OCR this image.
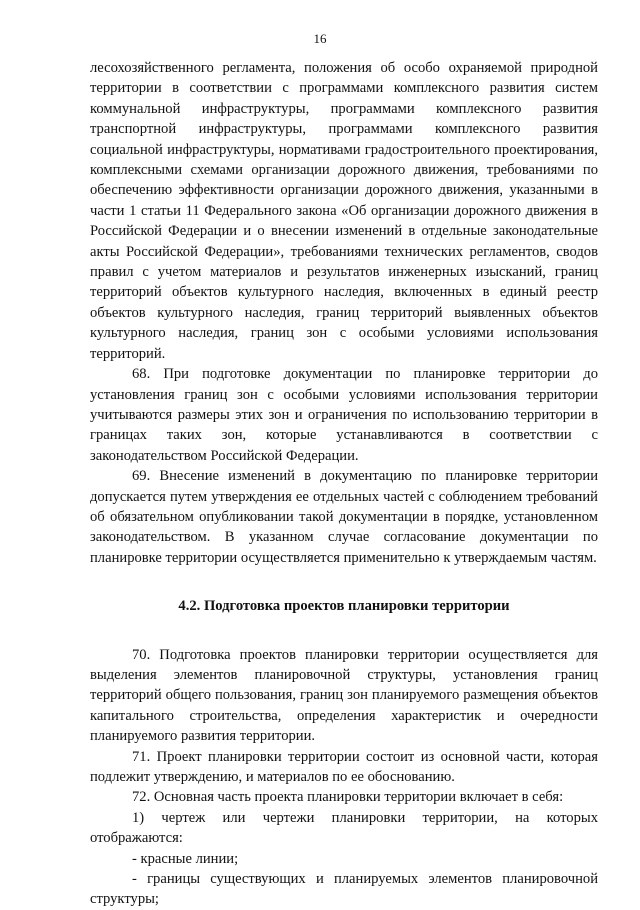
16

лесохозяйственного регламента, положения об особо охраняемой природной территории в соответствии с программами комплексного развития систем коммунальной инфраструктуры, программами комплексного развития транспортной инфраструктуры, программами комплексного развития социальной инфраструктуры, нормативами градостроительного проектирования, комплексными схемами организации дорожного движения, требованиями по обеспечению эффективности организации дорожного движения, указанными в части 1 статьи 11 Федерального закона «Об организации дорожного движения в Российской Федерации и о внесении изменений в отдельные законодательные акты Российской Федерации», требованиями технических регламентов, сводов правил с учетом материалов и результатов инженерных изысканий, границ территорий объектов культурного наследия, включенных в единый реестр объектов культурного наследия, границ территорий выявленных объектов культурного наследия, границ зон с особыми условиями использования территорий.

68. При подготовке документации по планировке территории до установления границ зон с особыми условиями использования территории учитываются размеры этих зон и ограничения по использованию территории в границах таких зон, которые устанавливаются в соответствии с законодательством Российской Федерации.

69. Внесение изменений в документацию по планировке территории допускается путем утверждения ее отдельных частей с соблюдением требований об обязательном опубликовании такой документации в порядке, установленном законодательством. В указанном случае согласование документации по планировке территории осуществляется применительно к утверждаемым частям.

4.2. Подготовка проектов планировки территории

70. Подготовка проектов планировки территории осуществляется для выделения элементов планировочной структуры, установления границ территорий общего пользования, границ зон планируемого размещения объектов капитального строительства, определения характеристик и очередности планируемого развития территории.

71. Проект планировки территории состоит из основной части, которая подлежит утверждению, и материалов по ее обоснованию.

72. Основная часть проекта планировки территории включает в себя:

1) чертеж или чертежи планировки территории, на которых отображаются:

- красные линии;

- границы существующих и планируемых элементов планировочной структуры;
